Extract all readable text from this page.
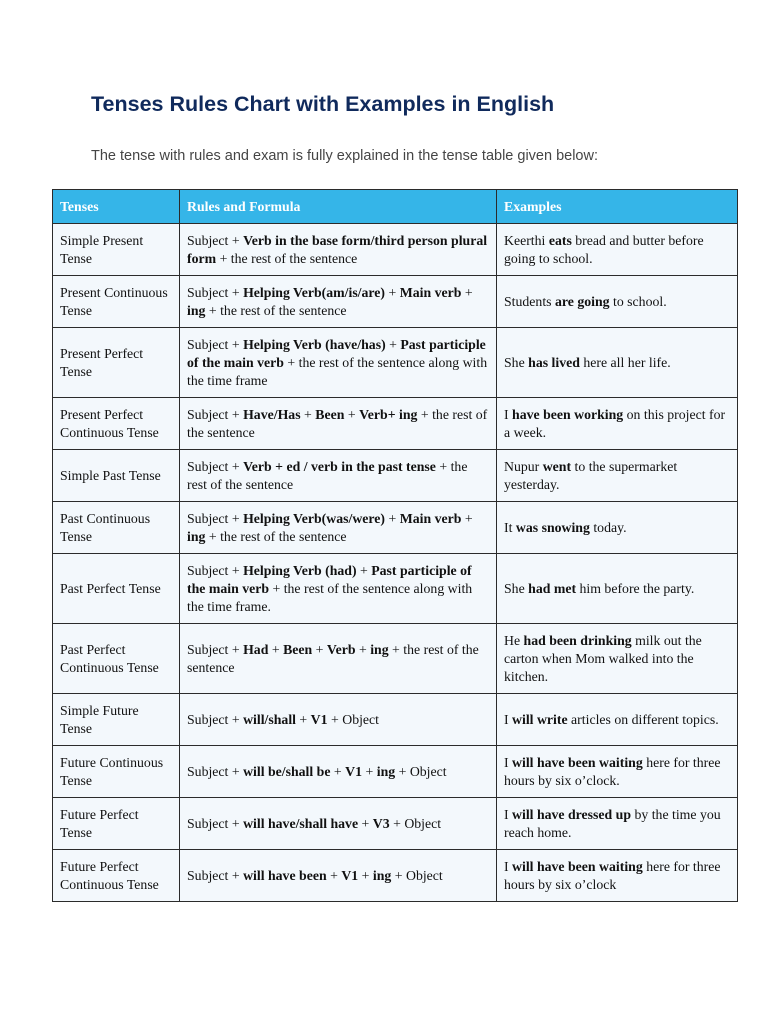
Tenses Rules Chart with Examples in English

The tense with rules and exam is fully explained in the tense table given below:

Tenses	Rules and Formula	Examples
Simple Present Tense	Subject + Verb in the base form/third person plural form + the rest of the sentence	Keerthi eats bread and butter before going to school.
Present Continuous Tense	Subject + Helping Verb(am/is/are) + Main verb + ing + the rest of the sentence	Students are going to school.
Present Perfect Tense	Subject + Helping Verb (have/has) + Past participle of the main verb + the rest of the sentence along with the time frame	She has lived here all her life.
Present Perfect Continuous Tense	Subject + Have/Has + Been + Verb+ ing + the rest of the sentence	I have been working on this project for a week.
Simple Past Tense	Subject + Verb + ed / verb in the past tense + the rest of the sentence	Nupur went to the supermarket yesterday.
Past Continuous Tense	Subject + Helping Verb(was/were) + Main verb + ing + the rest of the sentence	It was snowing today.
Past Perfect Tense	Subject + Helping Verb (had) + Past participle of the main verb + the rest of the sentence along with the time frame.	She had met him before the party.
Past Perfect Continuous Tense	Subject + Had + Been + Verb + ing + the rest of the sentence	He had been drinking milk out the carton when Mom walked into the kitchen.
Simple Future Tense	Subject + will/shall + V1 + Object	I will write articles on different topics.
Future Continuous Tense	Subject + will be/shall be + V1 + ing + Object	I will have been waiting here for three hours by six o’clock.
Future Perfect Tense	Subject + will have/shall have + V3 + Object	I will have dressed up by the time you reach home.
Future Perfect Continuous Tense	Subject + will have been + V1 + ing + Object	I will have been waiting here for three hours by six o’clock
